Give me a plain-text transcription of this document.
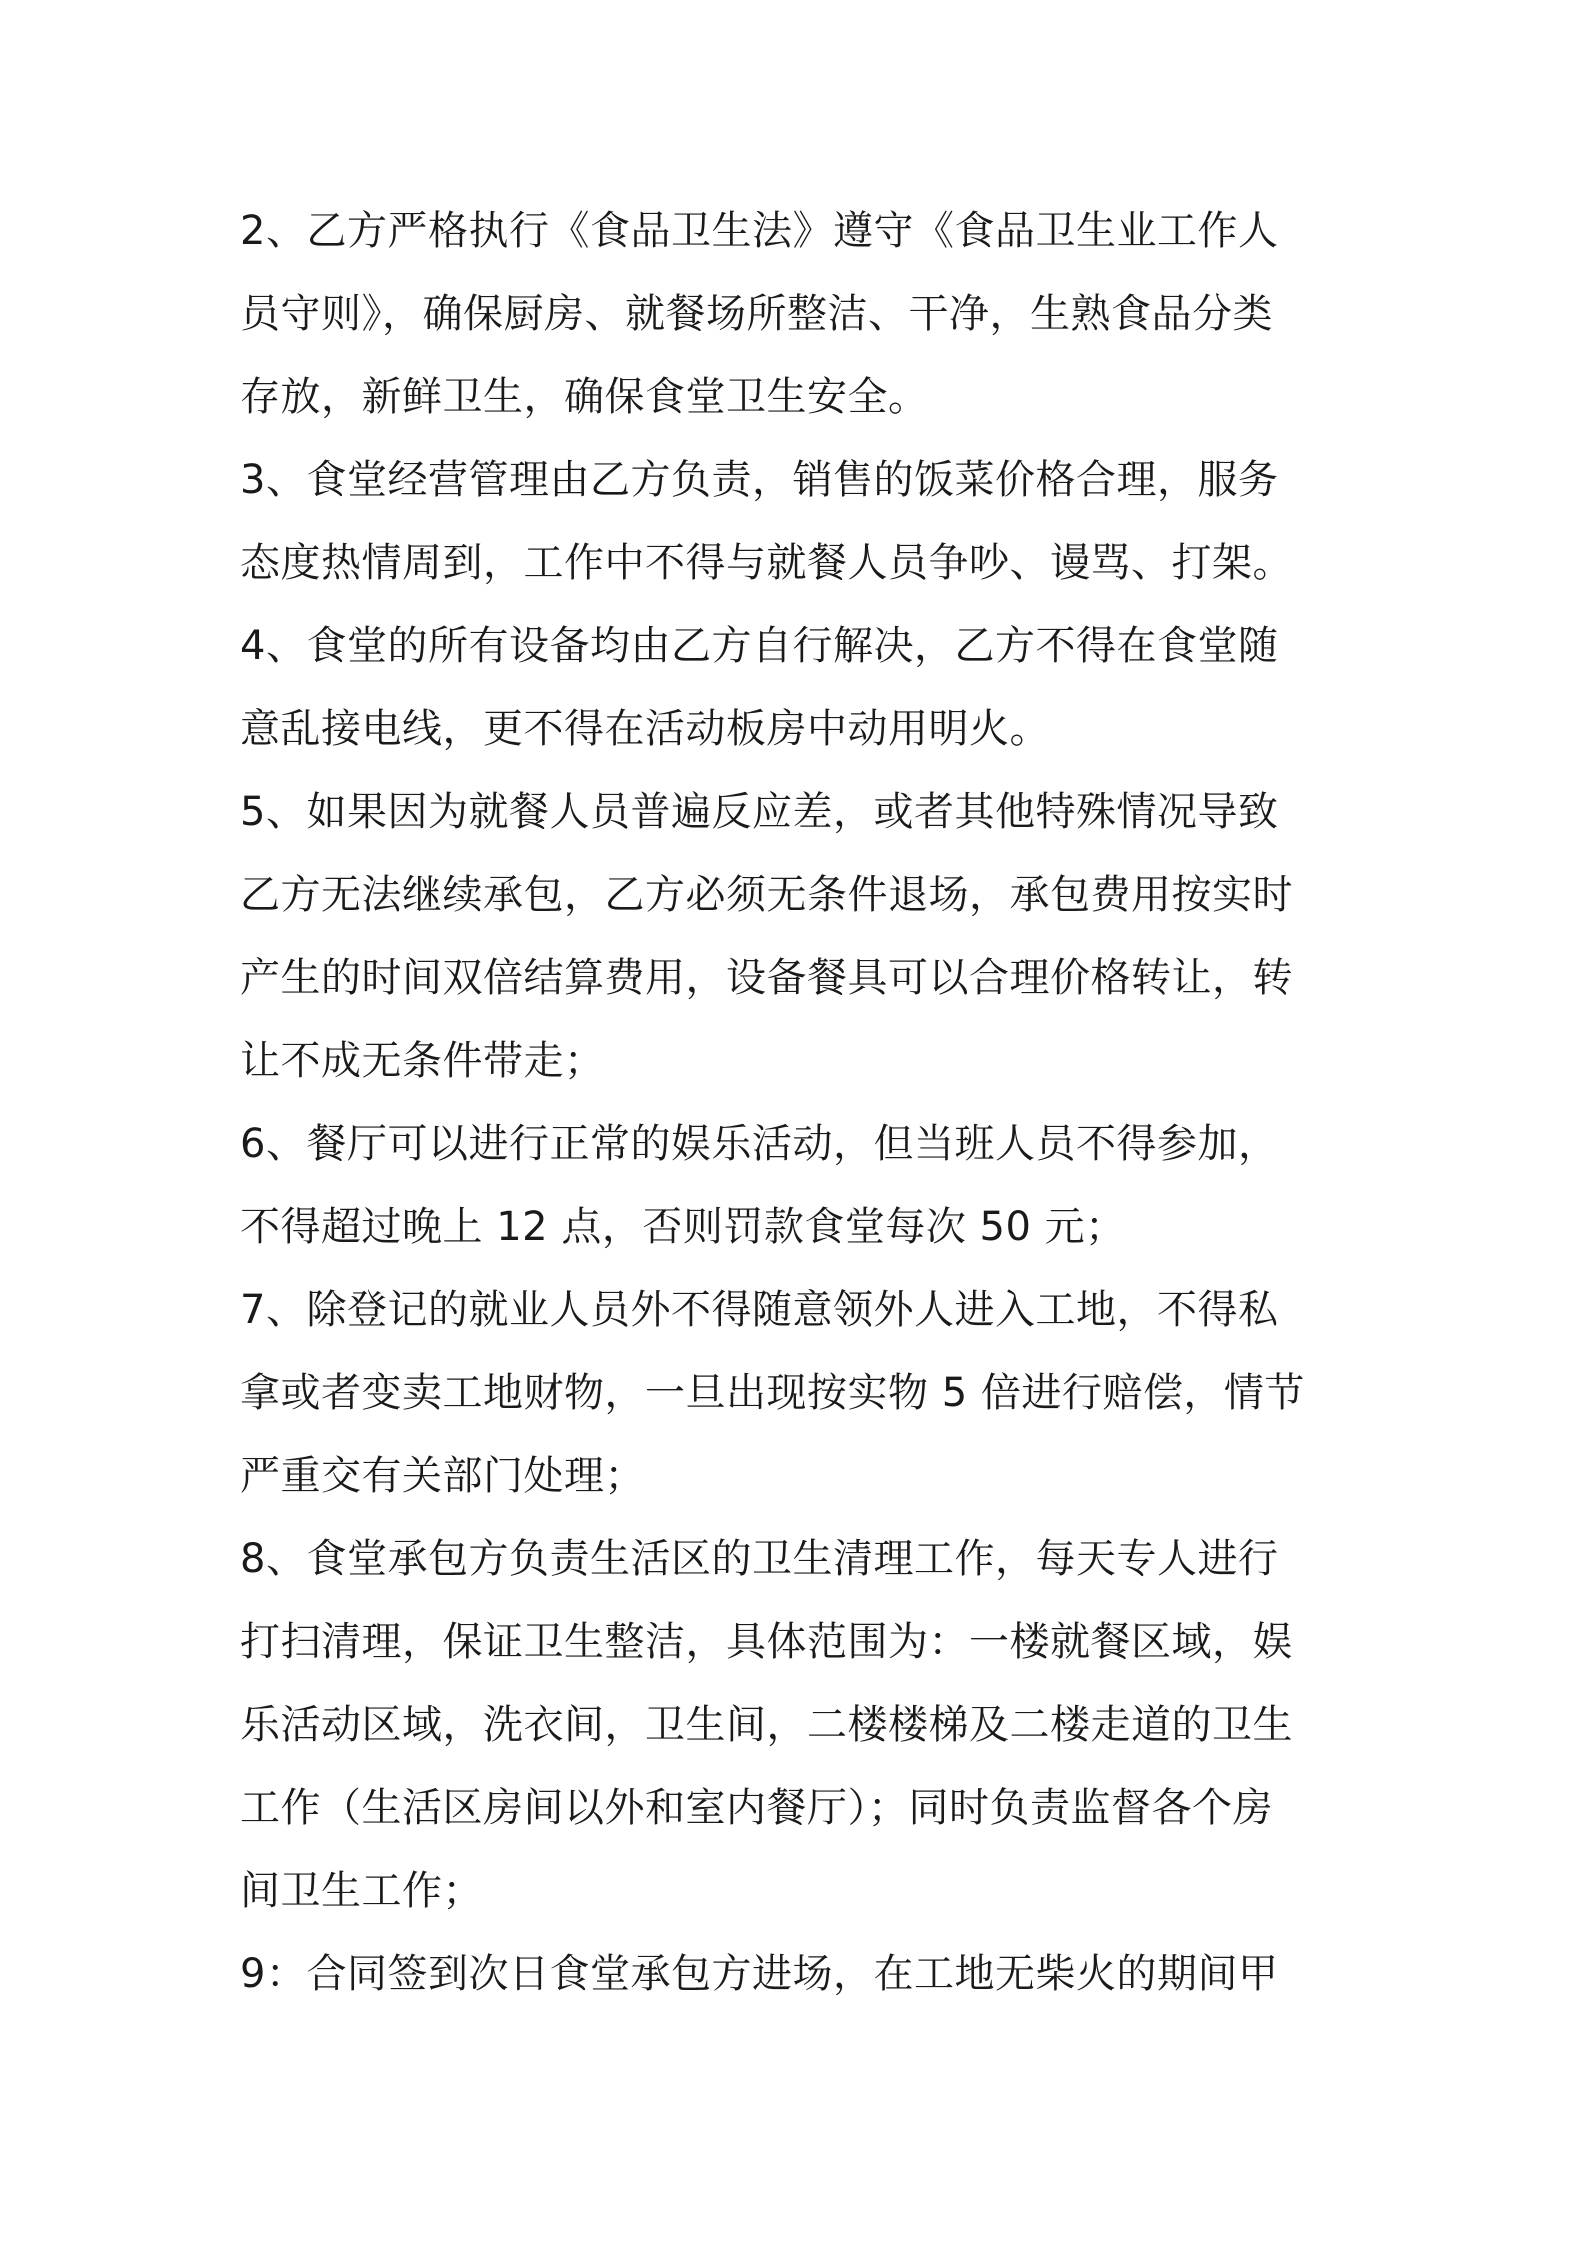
2、乙方严格执行《食品卫生法》遵守《食品卫生业工作人
员守则》，确保厨房、就餐场所整洁、干净，生熟食品分类
存放，新鲜卫生，确保食堂卫生安全。
3、食堂经营管理由乙方负责，销售的饭菜价格合理，服务
态度热情周到，工作中不得与就餐人员争吵、谩骂、打架。
4、食堂的所有设备均由乙方自行解决，乙方不得在食堂随
意乱接电线，更不得在活动板房中动用明火。
5、如果因为就餐人员普遍反应差，或者其他特殊情况导致
乙方无法继续承包，乙方必须无条件退场，承包费用按实时
产生的时间双倍结算费用，设备餐具可以合理价格转让，转
让不成无条件带走；
6、餐厅可以进行正常的娱乐活动，但当班人员不得参加，
不得超过晚上 12 点，否则罚款食堂每次 50 元；
7、除登记的就业人员外不得随意领外人进入工地，不得私
拿或者变卖工地财物，一旦出现按实物 5 倍进行赔偿，情节
严重交有关部门处理；
8、食堂承包方负责生活区的卫生清理工作，每天专人进行
打扫清理，保证卫生整洁，具体范围为：一楼就餐区域，娱
乐活动区域，洗衣间，卫生间，二楼楼梯及二楼走道的卫生
工作（生活区房间以外和室内餐厅）；同时负责监督各个房
间卫生工作；
9：合同签到次日食堂承包方进场，在工地无柴火的期间甲
